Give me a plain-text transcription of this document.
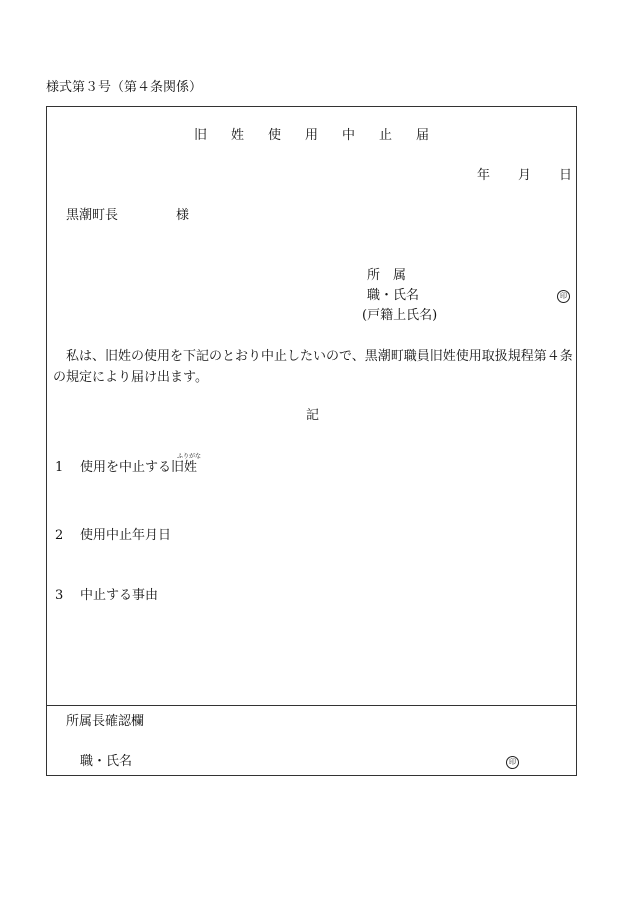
様式第３号（第４条関係）
旧 姓 使 用 中 止 届
年 月 日
黒潮町長	様
所　属
職・氏名	印
(戸籍上氏名)
私は、旧姓の使用を下記のとおり中止したいので、黒潮町職員旧姓使用取扱規程第４条の規定により届け出ます。
記
1 使用を中止する旧姓
ふりがな
2 使用中止年月日
3 中止する事由
所属長確認欄
職・氏名	印
